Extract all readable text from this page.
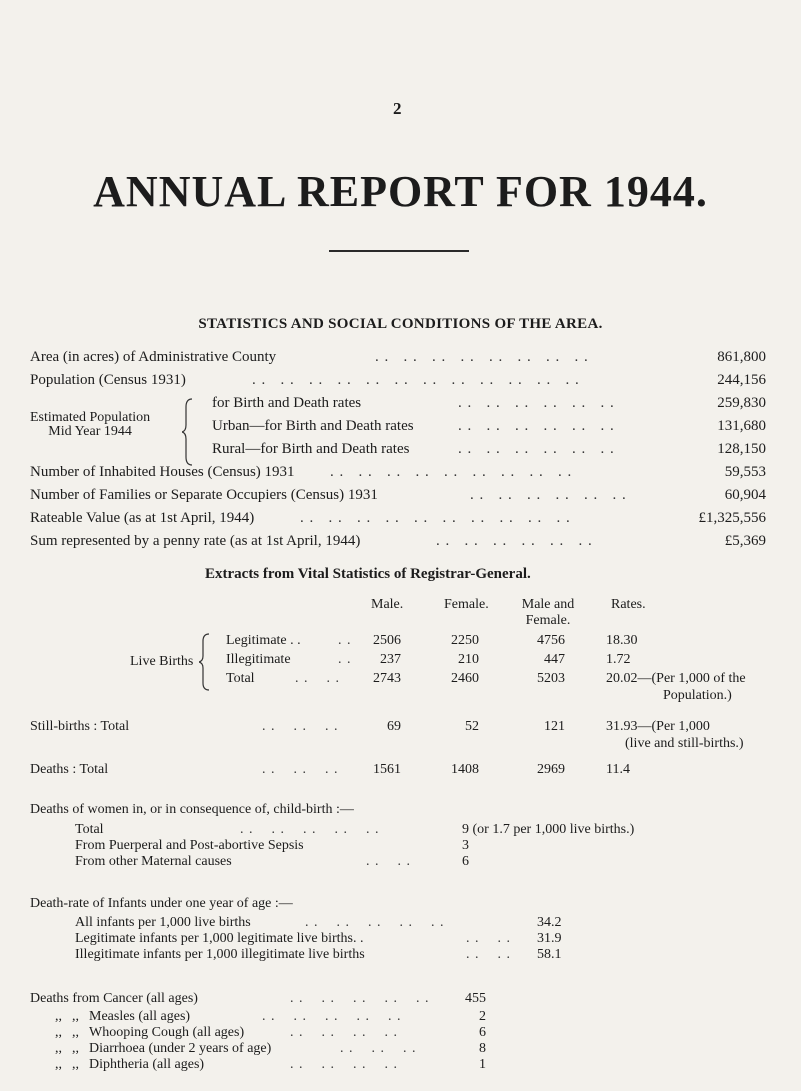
2
ANNUAL REPORT FOR 1944.
STATISTICS AND SOCIAL CONDITIONS OF THE AREA.
Area (in acres) of Administrative County	. .   . .   . .   . .   . .   . .   . .   . .	861,800
Population (Census 1931)	. .   . .   . .   . .   . .   . .   . .   . .   . .   . .   . .   . .	244,156
Estimated Population
Mid Year 1944
for Birth and Death rates	. .   . .   . .   . .   . .   . .	259,830
Urban—for Birth and Death rates	. .   . .   . .   . .   . .   . .	131,680
Rural—for Birth and Death rates	. .   . .   . .   . .   . .   . .	128,150
Number of Inhabited Houses (Census) 1931 . .   . .   . .   . .   . .   . .   . .   . .   . .	59,553
Number of Families or Separate Occupiers (Census) 1931	. .   . .   . .   . .   . .   . .	60,904
Rateable Value (as at 1st April, 1944)	. .   . .   . .   . .   . .   . .   . .   . .   . .   . .	£1,325,556
Sum represented by a penny rate (as at 1st April, 1944)	. .   . .   . .   . .   . .   . .	£5,369
Extracts from Vital Statistics of Registrar-General.
Male.	Female.	Male and
Female.
Rates.
Live Births
Legitimate . .	. .	2506	2250	4756	18.30
Illegitimate	. .	237	210	447	1.72
Total	. .    . .	2743	2460	5203	20.02—(Per 1,000 of the
Population.)
Still-births : Total	. .    . .    . .	69	52	121	31.93—(Per 1,000
(live and still-births.)
Deaths : Total	. .    . .    . .	1561	1408	2969	11.4
Deaths of women in, or in consequence of, child-birth :—
Total	. .    . .    . .    . .    . .	9 (or 1.7 per 1,000 live births.)
From Puerperal and Post-abortive Sepsis	3
From other Maternal causes	. .    . .	6
Death-rate of Infants under one year of age :—
All infants per 1,000 live births	. .    . .    . .    . .    . .	34.2
Legitimate infants per 1,000 legitimate live births. .	. .    . . 31.9
Illegitimate infants per 1,000 illegitimate live births	. .    . . 58.1
Deaths from Cancer (all ages)	. .    . .    . .    . .    . .	455
,, ,, Measles (all ages)	. .    . .    . .    . .    . .	2
,, ,, Whooping Cough (all ages)	. .    . .    . .    . .	6
,, ,, Diarrhoea (under 2 years of age)	. .    . .    . .	8
,, ,, Diphtheria (all ages)	. .    . .    . .    . .	1
